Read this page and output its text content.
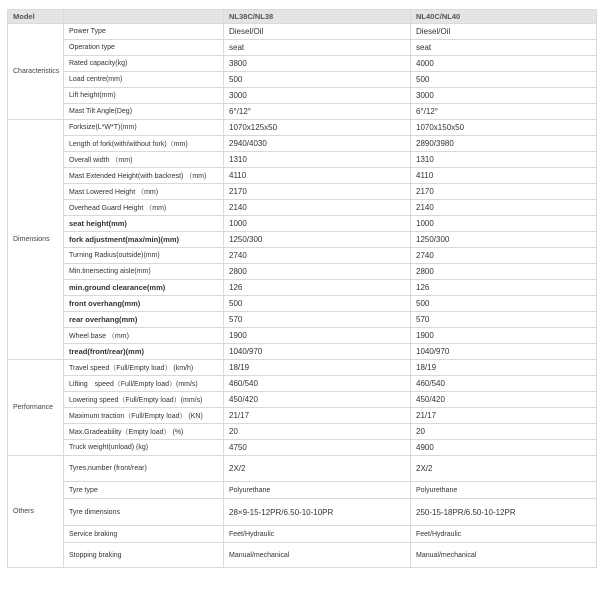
Model		NL38C/NL38	NL40C/NL40
Characteristics	Power Type	Diesel/Oil	Diesel/Oil
	Operation type	seat	seat
	Rated capacity(kg)	3800	4000
	Load centre(mm)	500	500
	Lift height(mm)	3000	3000
	Mast Tilt Angle(Deg)	6°/12°	6°/12°
Dimensions	Forksize(L*W*T)(mm)	1070x125x50	1070x150x50
	Length of fork(with/without fork)（mm)	2940/4030	2890/3980
	Overall width （mm)	1310	1310
	Mast Extended Height(with backrest) （mm)	4110	4110
	Mast Lowered Height （mm)	2170	2170
	Overhead Guard Height （mm)	2140	2140
	seat height(mm)	1000	1000
	fork adjustment(max/min)(mm)	1250/300	1250/300
	Turning Radius(outside)(mm)	2740	2740
	Min.tinersecting aisle(mm)	2800	2800
	min.ground clearance(mm)	126	126
	front overhang(mm)	500	500
	rear overhang(mm)	570	570
	Wheel base （mm)	1900	1900
	tread(front/rear)(mm)	1040/970	1040/970
Performance	Travel speed（Full/Empty load） (km/h)	18/19	18/19
	Lifting　speed（Full/Empty load）(mm/s)	460/540	460/540
	Lowering speed（Full/Empty load）(mm/s)	450/420	450/420
	Maximum traction（Full/Empty load） (KN)	21/17	21/17
	Max.Gradeability（Empty load） (%)	20	20
	Truck weight(unload) (kg)	4750	4900
Others	Tyres,number (front/rear)	2X/2	2X/2
	Tyre type	Polyurethane	Polyurethane
	Tyre dimensions	28×9-15-12PR/6.50-10-10PR	250-15-18PR/6.50-10-12PR
	Service braking	Feet/Hydraulic	Feet/Hydraulic
	Stopping braking	Manual/mechanical	Manual/mechanical
